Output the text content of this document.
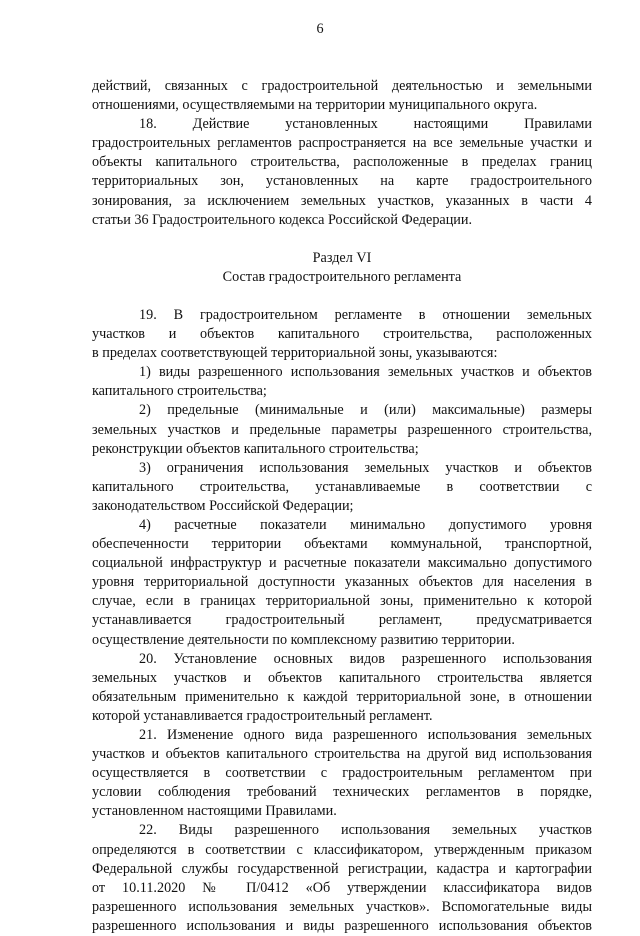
6

действий, связанных с градостроительной деятельностью и земельными

отношениями, осуществляемыми на территории муниципального округа.

18. Действие установленных настоящими Правилами

градостроительных регламентов распространяется на все земельные участки и

объекты капитального строительства, расположенные в пределах границ

территориальных зон, установленных на карте градостроительного

зонирования, за исключением земельных участков, указанных в части 4

статьи 36 Градостроительного кодекса Российской Федерации.

Раздел VI

Состав градостроительного регламента

19. В градостроительном регламенте в отношении земельных

участков и объектов капитального строительства, расположенных

в пределах соответствующей территориальной зоны, указываются:

1) виды разрешенного использования земельных участков и объектов

капитального строительства;

2) предельные (минимальные и (или) максимальные) размеры

земельных участков и предельные параметры разрешенного строительства,

реконструкции объектов капитального строительства;

3) ограничения использования земельных участков и объектов

капитального строительства, устанавливаемые в соответствии с

законодательством Российской Федерации;

4) расчетные показатели минимально допустимого уровня

обеспеченности территории объектами коммунальной, транспортной,

социальной инфраструктур и расчетные показатели максимально допустимого

уровня территориальной доступности указанных объектов для населения в

случае, если в границах территориальной зоны, применительно к которой

устанавливается градостроительный регламент, предусматривается

осуществление деятельности по комплексному развитию территории.

20. Установление основных видов разрешенного использования

земельных участков и объектов капитального строительства является

обязательным применительно к каждой территориальной зоне, в отношении

которой устанавливается градостроительный регламент.

21. Изменение одного вида разрешенного использования земельных

участков и объектов капитального строительства на другой вид использования

осуществляется в соответствии с градостроительным регламентом при

условии соблюдения требований технических регламентов в порядке,

установленном настоящими Правилами.

22. Виды разрешенного использования земельных участков

определяются в соответствии с классификатором, утвержденным приказом

Федеральной службы государственной регистрации, кадастра и картографии

от 10.11.2020 № П/0412 «Об утверждении классификатора видов

разрешенного использования земельных участков». Вспомогательные виды

разрешенного использования и виды разрешенного использования объектов
